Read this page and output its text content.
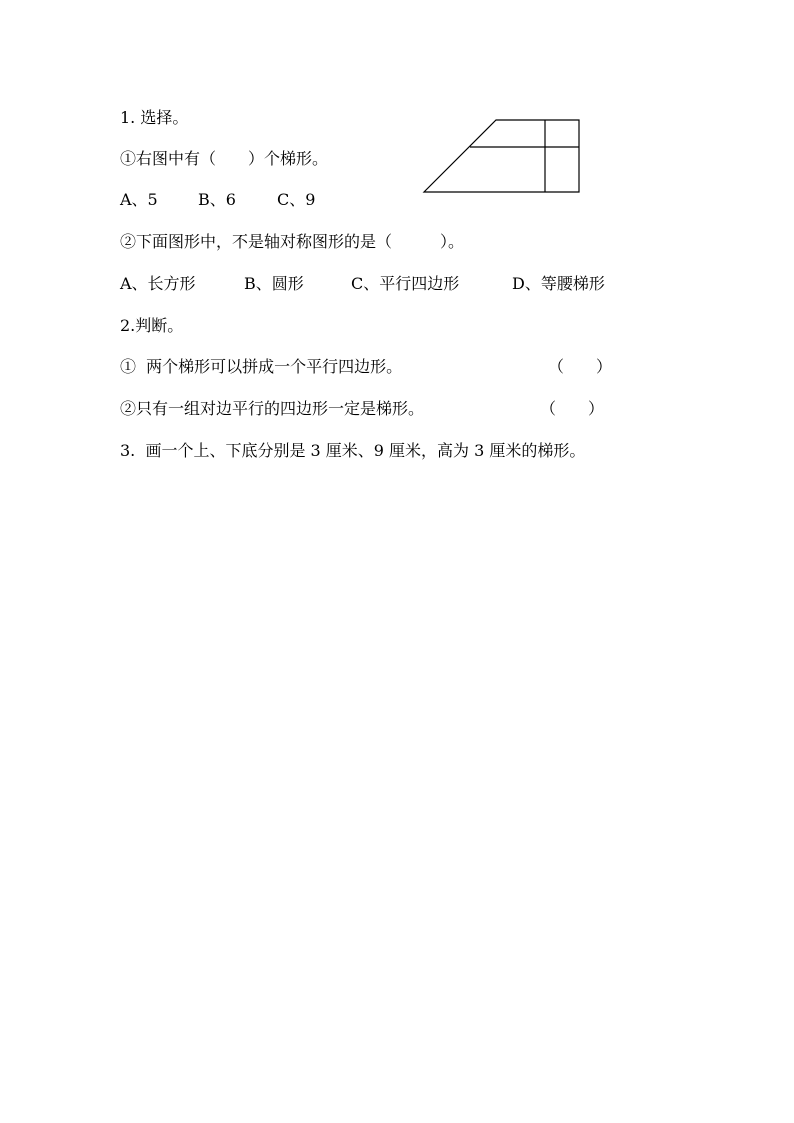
1. 选择。
①右图中有（　　）个梯形。
A、5	B、6	C、9
②下面图形中，不是轴对称图形的是（　　　）。
A、长方形	B、圆形	C、平行四边形	D、等腰梯形
2.判断。
①  两个梯形可以拼成一个平行四边形。	（　　）
②只有一组对边平行的四边形一定是梯形。	（　　）
3.  画一个上、下底分别是 3 厘米、9 厘米，高为 3 厘米的梯形。
